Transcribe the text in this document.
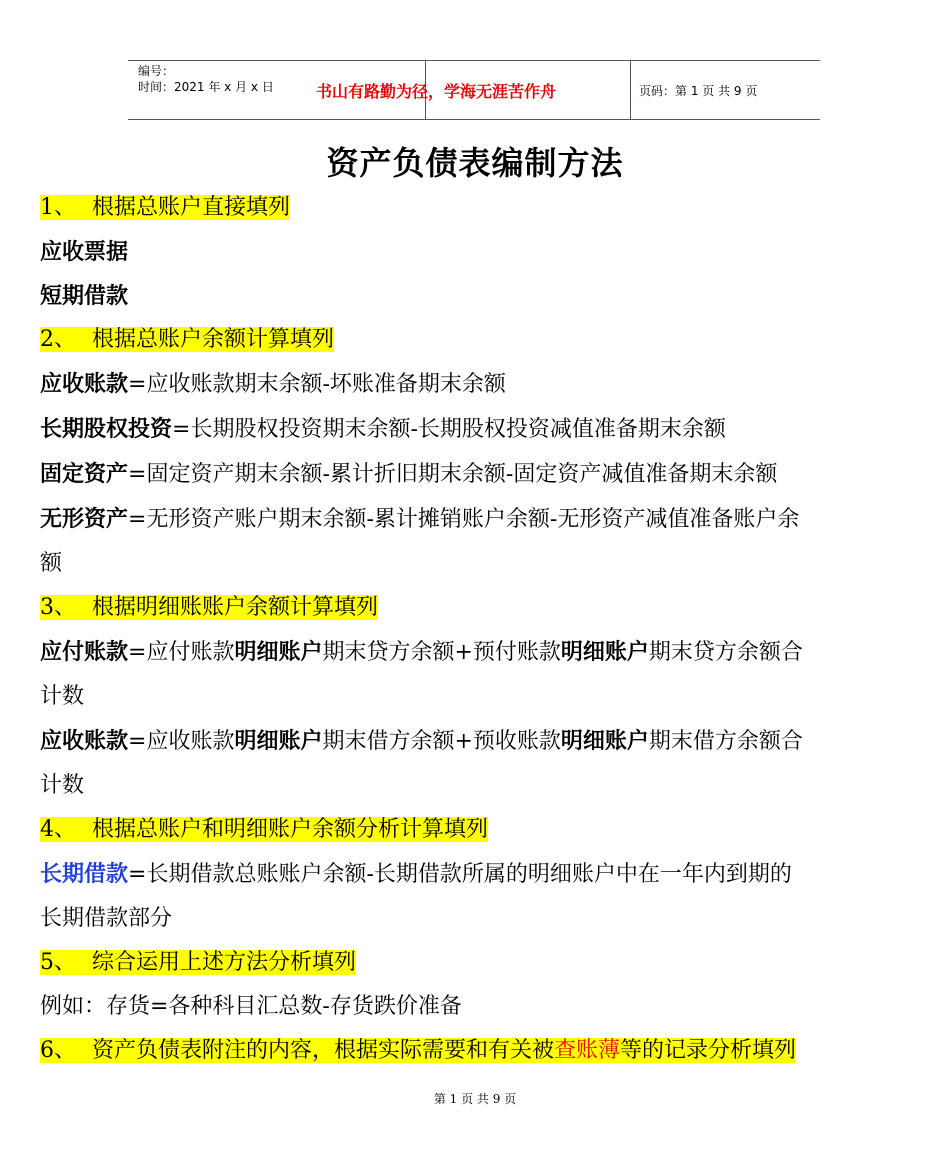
编号：
时间：2021 年 x 月 x 日	书山有路勤为径，学海无涯苦作舟	页码：第 1 页 共 9 页
资产负债表编制方法
1、 根据总账户直接填列
应收票据
短期借款
2、 根据总账户余额计算填列
应收账款=应收账款期末余额-坏账准备期末余额
长期股权投资=长期股权投资期末余额-长期股权投资减值准备期末余额
固定资产=固定资产期末余额-累计折旧期末余额-固定资产减值准备期末余额
无形资产=无形资产账户期末余额-累计摊销账户余额-无形资产减值准备账户余
额
3、 根据明细账账户余额计算填列
应付账款=应付账款明细账户期末贷方余额+预付账款明细账户期末贷方余额合
计数
应收账款=应收账款明细账户期末借方余额+预收账款明细账户期末借方余额合
计数
4、 根据总账户和明细账户余额分析计算填列
长期借款=长期借款总账账户余额-长期借款所属的明细账户中在一年内到期的
长期借款部分
5、 综合运用上述方法分析填列
例如：存货=各种科目汇总数-存货跌价准备
6、 资产负债表附注的内容，根据实际需要和有关被查账薄等的记录分析填列
第 1 页 共 9 页
